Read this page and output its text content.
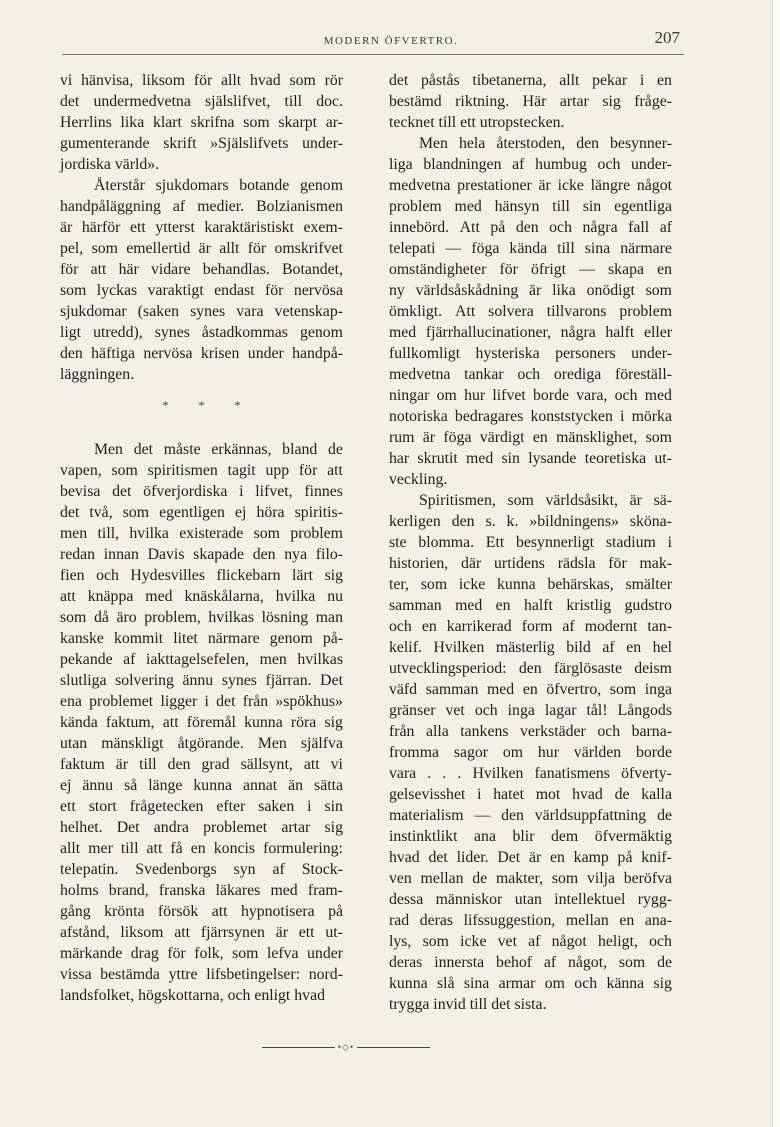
MODERN ÖFVERTRO.	207
vi hänvisa, liksom för allt hvad som rör
det undermedvetna själslifvet, till doc.
Herrlins lika klart skrifna som skarpt ar-
gumenterande skrift »Själslifvets under-
jordiska värld».
Återstår sjukdomars botande genom
handpåläggning af medier. Bolzianismen
är härför ett ytterst karaktäristiskt exem-
pel, som emellertid är allt för omskrifvet
för att här vidare behandlas. Botandet,
som lyckas varaktigt endast för nervösa
sjukdomar (saken synes vara vetenskap-
ligt utredd), synes åstadkommas genom
den häftiga nervösa krisen under handpå-
läggningen.
*	*	*
Men det måste erkännas, bland de
vapen, som spiritismen tagit upp för att
bevisa det öfverjordiska i lifvet, finnes
det två, som egentligen ej höra spiritis-
men till, hvilka existerade som problem
redan innan Davis skapade den nya filo-
fien och Hydesvilles flickebarn lärt sig
att knäppa med knäskålarna, hvilka nu
som då äro problem, hvilkas lösning man
kanske kommit litet närmare genom på-
pekande af iakttagelsefelen, men hvilkas
slutliga solvering ännu synes fjärran. Det
ena problemet ligger i det från »spökhus»
kända faktum, att föremål kunna röra sig
utan mänskligt åtgörande. Men själfva
faktum är till den grad sällsynt, att vi
ej ännu så länge kunna annat än sätta
ett stort frågetecken efter saken i sin
helhet. Det andra problemet artar sig
allt mer till att få en koncis formulering:
telepatin. Svedenborgs syn af Stock-
holms brand, franska läkares med fram-
gång krönta försök att hypnotisera på
afstånd, liksom att fjärrsynen är ett ut-
märkande drag för folk, som lefva under
vissa bestämda yttre lifsbetingelser: nord-
landsfolket, högskottarna, och enligt hvad
det påstås tibetanerna, allt pekar i en
bestämd riktning. Här artar sig fråge-
tecknet till ett utropstecken.
Men hela återstoden, den besynner-
liga blandningen af humbug och under-
medvetna prestationer är icke längre något
problem med hänsyn till sin egentliga
innebörd. Att på den och några fall af
telepati — föga kända till sina närmare
omständigheter för öfrigt — skapa en
ny världsåskådning är lika onödigt som
ömkligt. Att solvera tillvarons problem
med fjärrhallucinationer, några halft eller
fullkomligt hysteriska personers under-
medvetna tankar och oredigа föreställ-
ningar om hur lifvet borde vara, och med
notoriska bedragares konststycken i mörka
rum är föga värdigt en mänsklighet, som
har skrutit med sin lysande teoretiska ut-
veckling.
Spiritismen, som världsåsikt, är sä-
kerligen den s. k. »bildningens» sköna-
ste blomma. Ett besynnerligt stadium i
historien, där urtidens rädsla för mak-
ter, som icke kunna behärskas, smälter
samman med en halft kristlig gudstro
och en karrikerad form af modernt tan-
kelif. Hvilken mästerlig bild af en hel
utvecklingsperiod: den färglösaste deism
väfd samman med en öfvertro, som inga
gränser vet och inga lagar tål! Långods
från alla tankens verkstäder och barna-
fromma sagor om hur världen borde
vara . . . Hvilken fanatismens öfverty-
gelsevisshet i hatet mot hvad de kalla
materialism — den världsuppfattning de
instinktlikt ana blir dem öfvermäktig
hvad det lider. Det är en kamp på knif-
ven mellan de makter, som vilja beröfva
dessa människor utan intellektuel rygg-
rad deras lifssuggestion, mellan en ana-
lys, som icke vet af något heligt, och
deras innersta behof af något, som de
kunna slå sina armar om och känna sig
trygga invid till det sista.
•◇•
